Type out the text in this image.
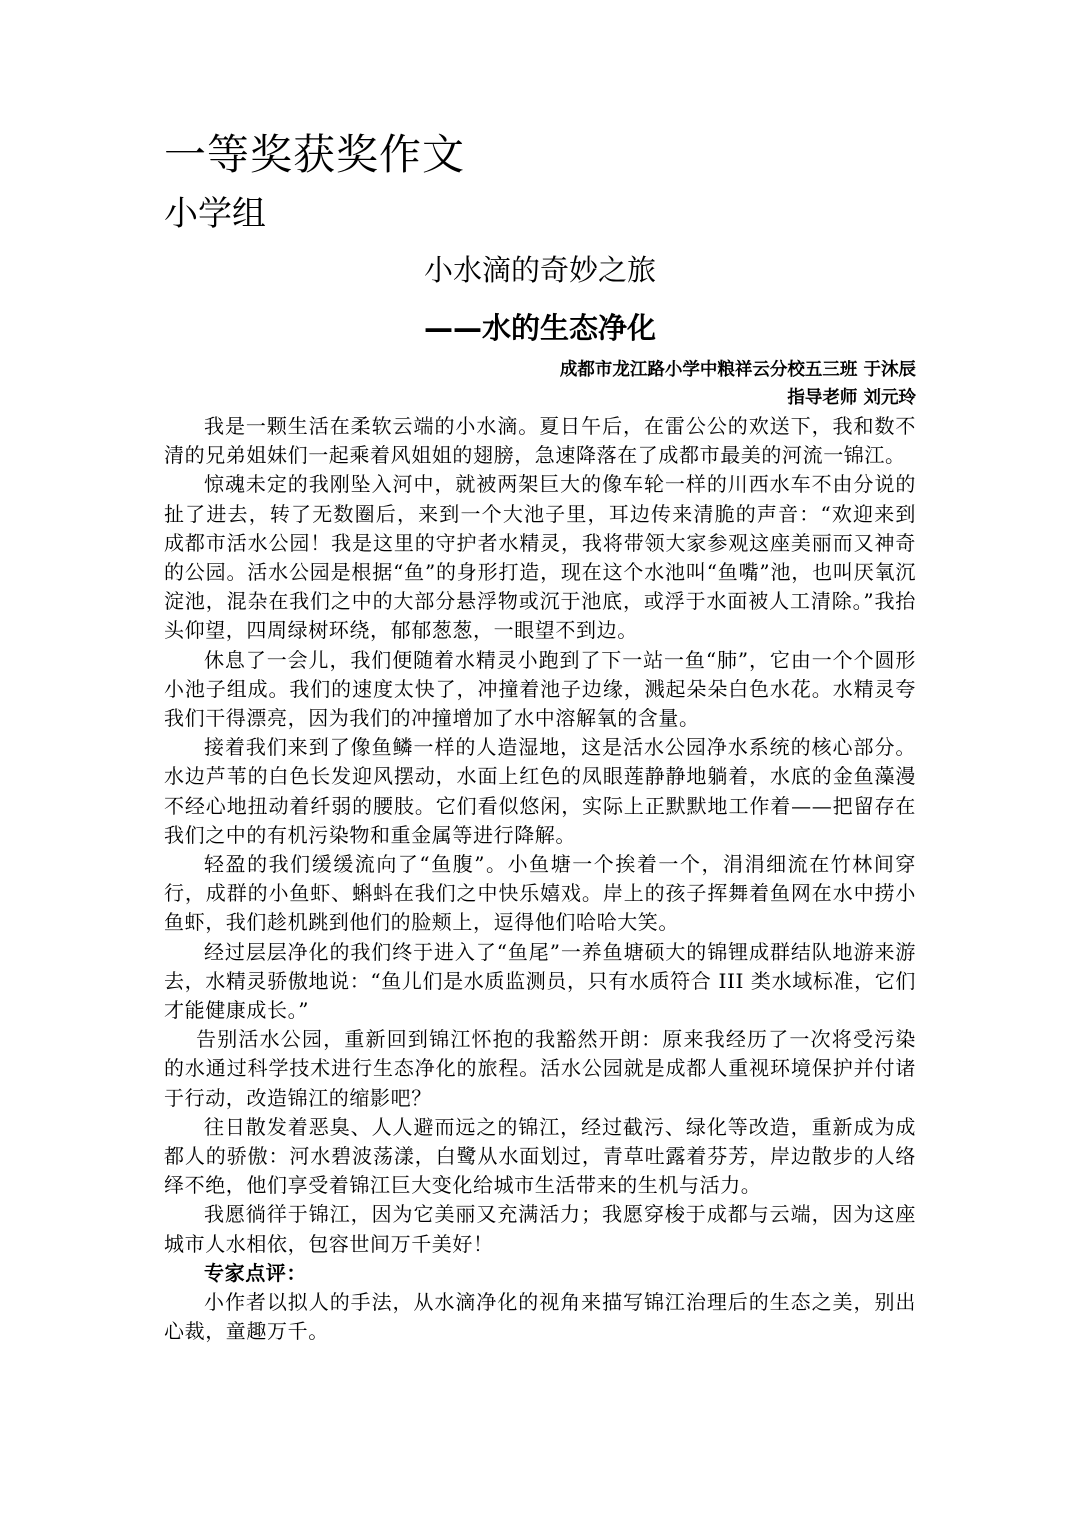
一等奖获奖作文
小学组
小水滴的奇妙之旅
——水的生态净化
成都市龙江路小学中粮祥云分校五三班 于沐辰
指导老师 刘元玲

我是一颗生活在柔软云端的小水滴。夏日午后，在雷公公的欢送下，我和数不清的兄弟姐妹们一起乘着风姐姐的翅膀，急速降落在了成都市最美的河流一锦江。

惊魂未定的我刚坠入河中，就被两架巨大的像车轮一样的川西水车不由分说的扯了进去，转了无数圈后，来到一个大池子里，耳边传来清脆的声音：“欢迎来到成都市活水公园！我是这里的守护者水精灵，我将带领大家参观这座美丽而又神奇的公园。活水公园是根据“鱼”的身形打造，现在这个水池叫“鱼嘴”池，也叫厌氧沉淀池，混杂在我们之中的大部分悬浮物或沉于池底，或浮于水面被人工清除。”我抬头仰望，四周绿树环绕，郁郁葱葱，一眼望不到边。

休息了一会儿，我们便随着水精灵小跑到了下一站一鱼“肺”，它由一个个圆形小池子组成。我们的速度太快了，冲撞着池子边缘，溅起朵朵白色水花。水精灵夸我们干得漂亮，因为我们的冲撞增加了水中溶解氧的含量。

接着我们来到了像鱼鳞一样的人造湿地，这是活水公园净水系统的核心部分。水边芦苇的白色长发迎风摆动，水面上红色的凤眼莲静静地躺着，水底的金鱼藻漫不经心地扭动着纤弱的腰肢。它们看似悠闲，实际上正默默地工作着——把留存在我们之中的有机污染物和重金属等进行降解。

轻盈的我们缓缓流向了“鱼腹”。小鱼塘一个挨着一个，涓涓细流在竹林间穿行，成群的小鱼虾、蝌蚪在我们之中快乐嬉戏。岸上的孩子挥舞着鱼网在水中捞小鱼虾，我们趁机跳到他们的脸颊上，逗得他们哈哈大笑。

经过层层净化的我们终于进入了“鱼尾”一养鱼塘硕大的锦锂成群结队地游来游去，水精灵骄傲地说：“鱼儿们是水质监测员，只有水质符合 III 类水域标准，它们才能健康成长。”

告别活水公园，重新回到锦江怀抱的我豁然开朗：原来我经历了一次将受污染的水通过科学技术进行生态净化的旅程。活水公园就是成都人重视环境保护并付诸于行动，改造锦江的缩影吧？

往日散发着恶臭、人人避而远之的锦江，经过截污、绿化等改造，重新成为成都人的骄傲：河水碧波荡漾，白鹭从水面划过，青草吐露着芬芳，岸边散步的人络绎不绝，他们享受着锦江巨大变化给城市生活带来的生机与活力。

我愿徜徉于锦江，因为它美丽又充满活力；我愿穿梭于成都与云端，因为这座城市人水相依，包容世间万千美好！

专家点评：

小作者以拟人的手法，从水滴净化的视角来描写锦江治理后的生态之美，别出心裁，童趣万千。
